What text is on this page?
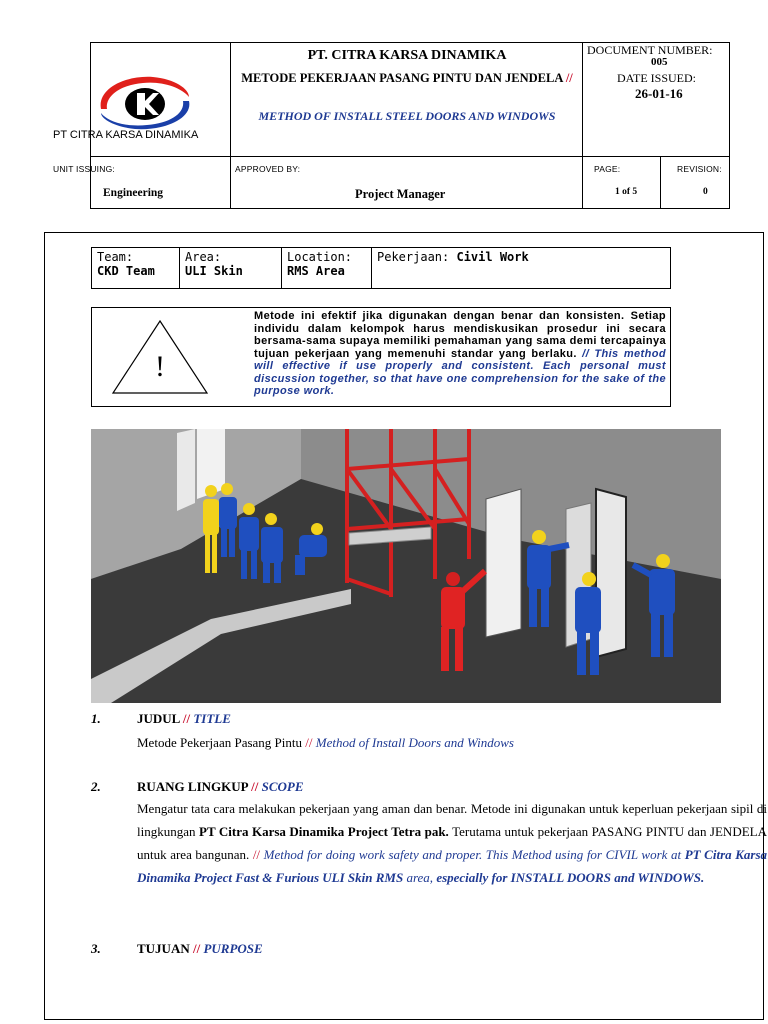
PT CITRA KARSA DINAMIKA
PT. CITRA KARSA DINAMIKA
METODE PEKERJAAN PASANG PINTU DAN JENDELA //
METHOD OF INSTALL STEEL DOORS AND WINDOWS
DOCUMENT NUMBER:
005
DATE ISSUED:
26-01-16
UNIT ISSUING:
Engineering
APPROVED BY:
Project Manager
PAGE:
1 of 5
REVISION:
0
Team:
CKD Team
Area:
ULI Skin
Location:
RMS Area
Pekerjaan: Civil Work
!
Metode ini efektif jika digunakan dengan benar dan konsisten. Setiap individu dalam kelompok harus mendiskusikan prosedur ini secara bersama-sama supaya memiliki pemahaman yang sama demi tercapainya tujuan pekerjaan yang memenuhi standar yang berlaku. // This method will effective if use properly and consistent. Each personal must discussion together, so that have one comprehension for the sake of the purpose work.
1.	JUDUL // TITLE
Metode Pekerjaan Pasang Pintu // Method of Install Doors and Windows
2.	RUANG LINGKUP // SCOPE
Mengatur tata cara melakukan pekerjaan yang aman dan benar. Metode ini digunakan untuk keperluan pekerjaan sipil di lingkungan PT Citra Karsa Dinamika Project Tetra pak. Terutama untuk pekerjaan PASANG PINTU dan JENDELA untuk area bangunan. // Method for doing work safety and proper. This Method using for CIVIL work at PT Citra Karsa Dinamika Project Fast & Furious ULI Skin RMS area, especially for INSTALL DOORS and WINDOWS.
3.	TUJUAN // PURPOSE
